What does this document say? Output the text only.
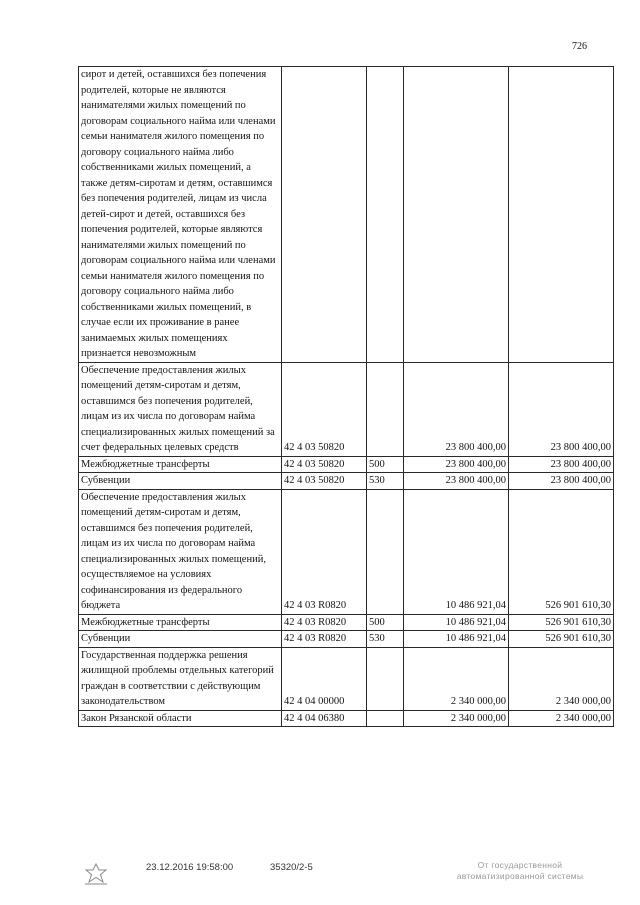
726
сирот и детей, оставшихся без попечения родителей, которые не являются нанимателями жилых помещений по договорам социального найма или членами семьи нанимателя жилого помещения по договору социального найма либо собственниками жилых помещений, а также детям-сиротам и детям, оставшимся без попечения родителей, лицам из числа детей-сирот и детей, оставшихся без попечения родителей, которые являются нанимателями жилых помещений по договорам социального найма или членами семьи нанимателя жилого помещения по договору социального найма либо собственниками жилых помещений, в случае если их проживание в ранее занимаемых жилых помещениях признается невозможным				
Обеспечение предоставления жилых помещений детям-сиротам и детям, оставшимся без попечения родителей, лицам из их числа по договорам найма специализированных жилых помещений за счет федеральных целевых средств	42 4 03 50820		23 800 400,00	23 800 400,00
Межбюджетные трансферты	42 4 03 50820	500	23 800 400,00	23 800 400,00
Субвенции	42 4 03 50820	530	23 800 400,00	23 800 400,00
Обеспечение предоставления жилых помещений детям-сиротам и детям, оставшимся без попечения родителей, лицам из их числа по договорам найма специализированных жилых помещений, осуществляемое на условиях софинансирования из федерального бюджета	42 4 03 R0820		10 486 921,04	526 901 610,30
Межбюджетные трансферты	42 4 03 R0820	500	10 486 921,04	526 901 610,30
Субвенции	42 4 03 R0820	530	10 486 921,04	526 901 610,30
Государственная поддержка решения жилищной проблемы отдельных категорий граждан в соответствии с действующим законодательством	42 4 04 00000		2 340 000,00	2 340 000,00
Закон Рязанской области	42 4 04 06380		2 340 000,00	2 340 000,00
23.12.2016 19:58:00	35320/2-5	От государственной автоматизированной системы
